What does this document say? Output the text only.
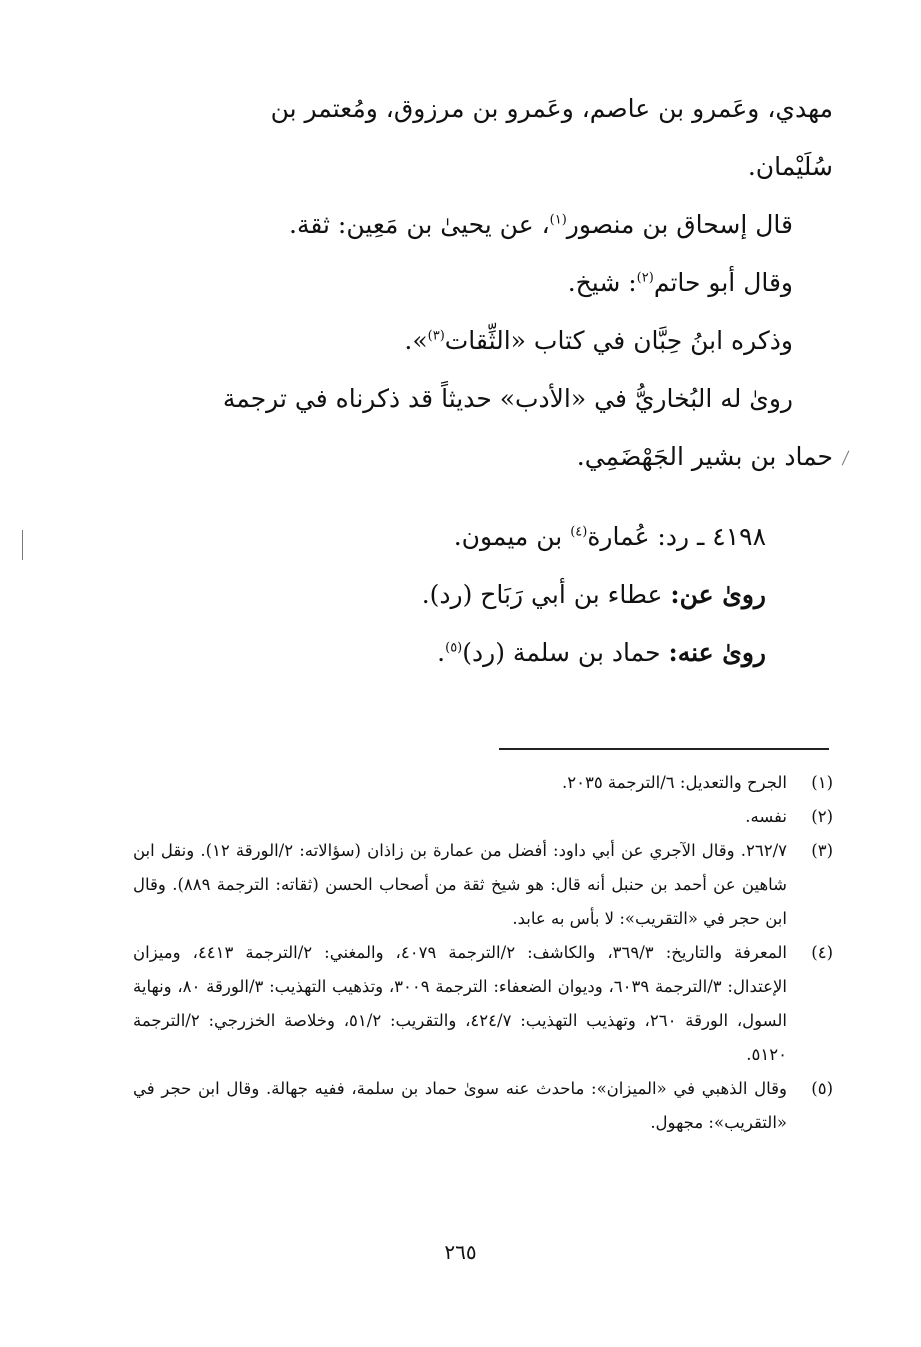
مهدي، وعَمرو بن عاصم، وعَمرو بن مرزوق، ومُعتمر بن

سُلَيْمان.

قال إسحاق بن منصور$^{(١)}$، عن يحيىٰ بن مَعِين: ثقة.

وقال أبو حاتم$^{(٢)}$: شيخ.

وذكره ابنُ حِبَّان في كتاب «الثِّقات$^{(٣)}$».

روىٰ له البُخاريُّ في «الأدب» حديثاً قد ذكرناه في ترجمة

حماد بن بشير الجَهْضَمِي.

٤١٩٨ ـ رد: عُمارة$^{(٤)}$ بن ميمون.

روىٰ عن: عطاء بن أبي رَبَاح (رد).

روىٰ عنه: حماد بن سلمة (رد)$^{(٥)}$.

(١)
الجرح والتعديل: ٦/الترجمة ٢٠٣٥.
(٢)
نفسه.
(٣)
٢٦٢/٧. وقال الآجري عن أبي داود: أفضل من عمارة بن زاذان (سؤالاته: ٢/الورقة ١٢). ونقل ابن شاهين عن أحمد بن حنبل أنه قال: هو شيخ ثقة من أصحاب الحسن (ثقاته: الترجمة ٨٨٩). وقال ابن حجر في «التقريب»: لا بأس به عابد.
(٤)
المعرفة والتاريخ: ٣٦٩/٣، والكاشف: ٢/الترجمة ٤٠٧٩، والمغني: ٢/الترجمة ٤٤١٣، وميزان الإعتدال: ٣/الترجمة ٦٠٣٩، وديوان الضعفاء: الترجمة ٣٠٠٩، وتذهيب التهذيب: ٣/الورقة ٨٠، ونهاية السول، الورقة ٢٦٠، وتهذيب التهذيب: ٤٢٤/٧، والتقريب: ٥١/٢، وخلاصة الخزرجي: ٢/الترجمة ٥١٢٠.
(٥)
وقال الذهبي في «الميزان»: ماحدث عنه سوىٰ حماد بن سلمة، ففيه جهالة. وقال ابن حجر في «التقريب»: مجهول.
٢٦٥
